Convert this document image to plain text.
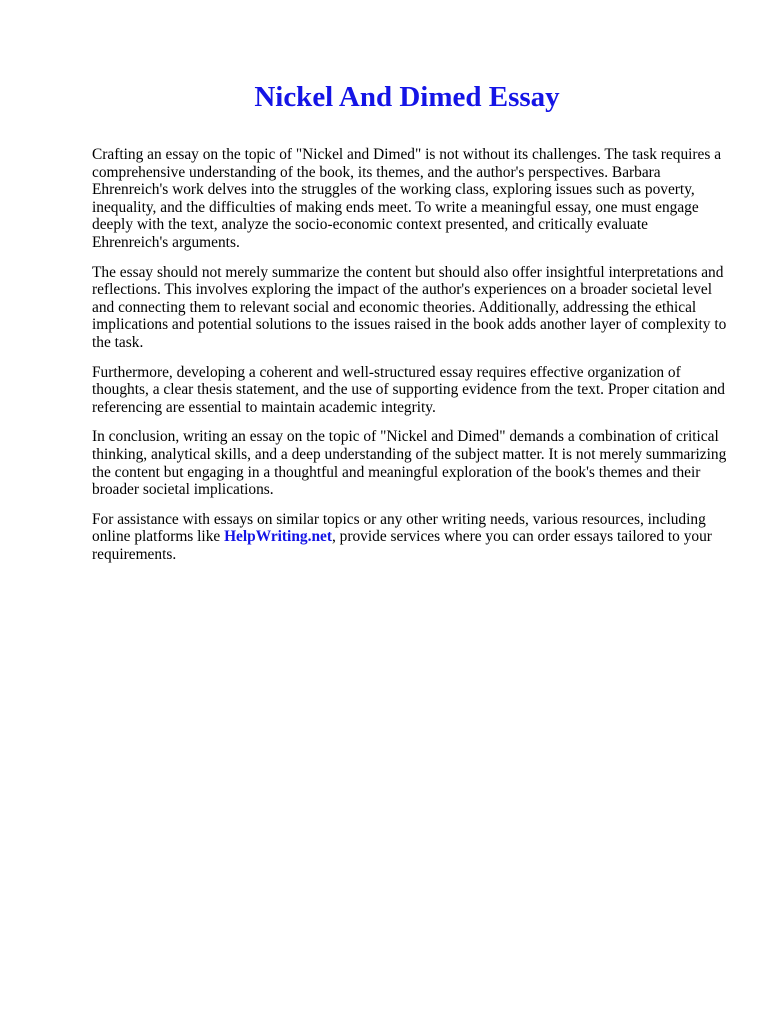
Nickel And Dimed Essay

Crafting an essay on the topic of "Nickel and Dimed" is not without its challenges. The task requires a comprehensive understanding of the book, its themes, and the author's perspectives. Barbara Ehrenreich's work delves into the struggles of the working class, exploring issues such as poverty, inequality, and the difficulties of making ends meet. To write a meaningful essay, one must engage deeply with the text, analyze the socio-economic context presented, and critically evaluate Ehrenreich's arguments.

The essay should not merely summarize the content but should also offer insightful interpretations and reflections. This involves exploring the impact of the author's experiences on a broader societal level and connecting them to relevant social and economic theories. Additionally, addressing the ethical implications and potential solutions to the issues raised in the book adds another layer of complexity to the task.

Furthermore, developing a coherent and well-structured essay requires effective organization of thoughts, a clear thesis statement, and the use of supporting evidence from the text. Proper citation and referencing are essential to maintain academic integrity.

In conclusion, writing an essay on the topic of "Nickel and Dimed" demands a combination of critical thinking, analytical skills, and a deep understanding of the subject matter. It is not merely summarizing the content but engaging in a thoughtful and meaningful exploration of the book's themes and their broader societal implications.

For assistance with essays on similar topics or any other writing needs, various resources, including online platforms like HelpWriting.net, provide services where you can order essays tailored to your requirements.
